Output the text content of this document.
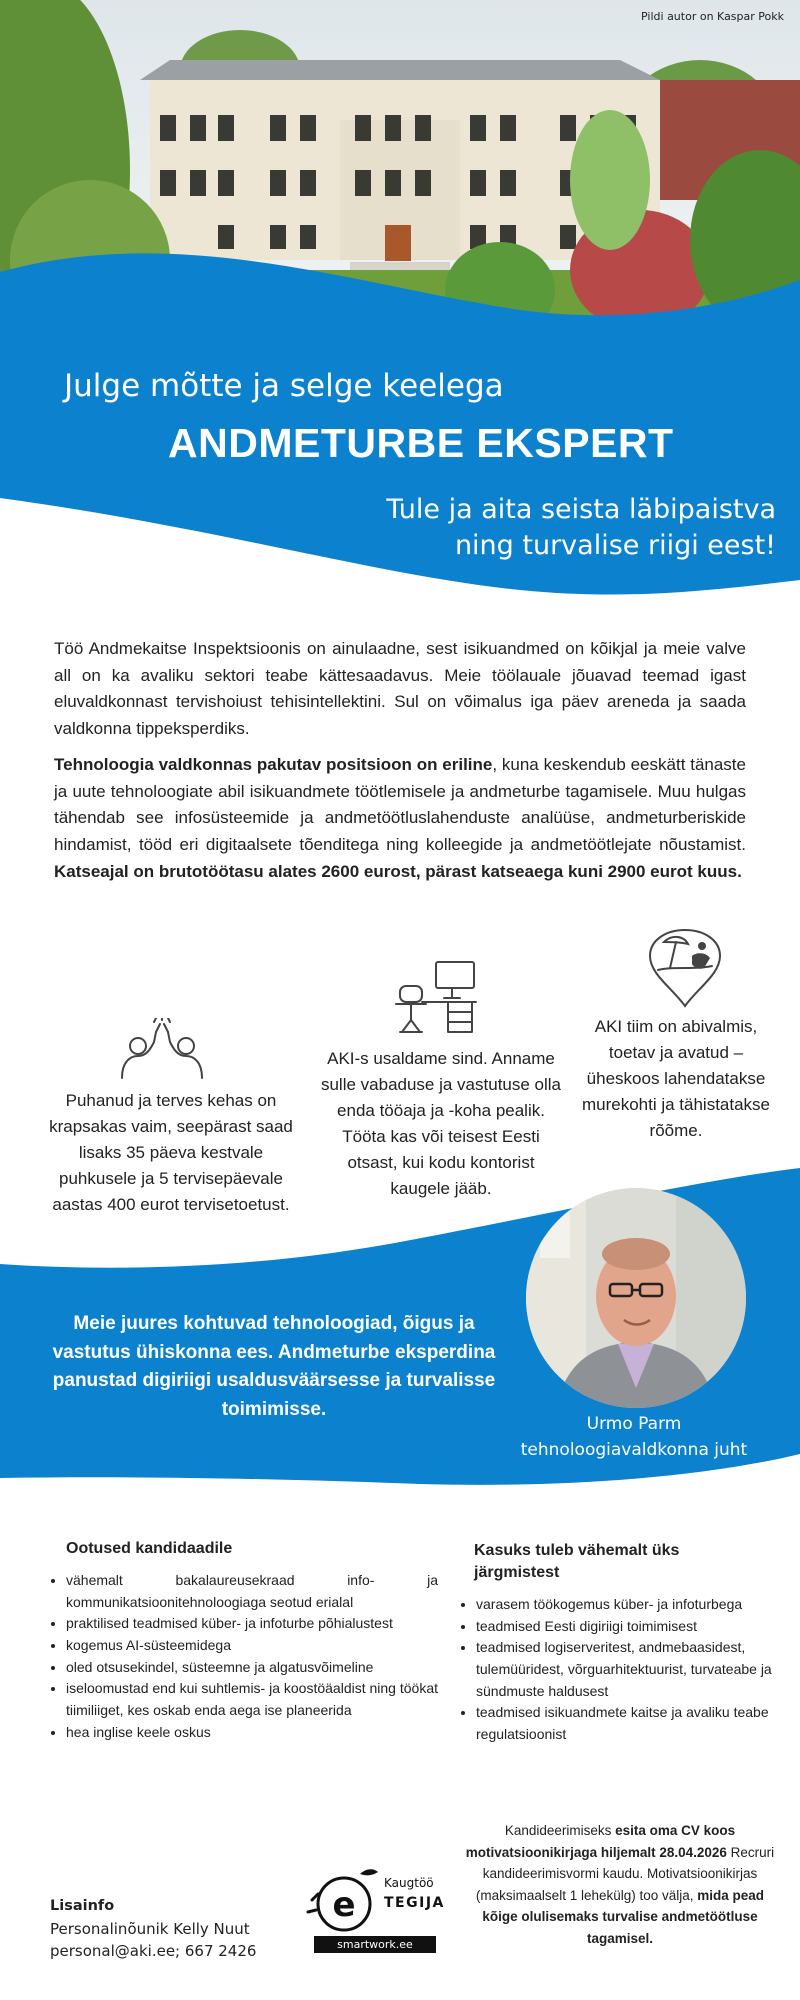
Pildi autor on Kaspar Pokk
Julge mõtte ja selge keelega
ANDMETURBE EKSPERT
Tule ja aita seista läbipaistva
ning turvalise riigi eest!
Töö Andmekaitse Inspektsioonis on ainulaadne, sest isikuandmed on kõikjal ja meie valve all on ka avaliku sektori teabe kättesaadavus. Meie töölauale jõuavad teemad igast eluvaldkonnast tervishoiust tehisintellektini. Sul on võimalus iga päev areneda ja saada valdkonna tippeksperdiks.
Tehnoloogia valdkonnas pakutav positsioon on eriline, kuna keskendub eeskätt tänaste ja uute tehnoloogiate abil isikuandmete töötlemisele ja andmeturbe tagamisele. Muu hulgas tähendab see infosüsteemide ja andmetöötluslahenduste analüüse, andmeturberiskide hindamist, tööd eri digitaalsete tõenditega ning kolleegide ja andmetöötlejate nõustamist. Katseajal on brutotöötasu alates 2600 eurost, pärast katseaega kuni 2900 eurot kuus.
Puhanud ja terves kehas on krapsakas vaim, seepärast saad lisaks 35 päeva kestvale puhkusele ja 5 tervisepäevale aastas 400 eurot tervisetoetust.
AKI-s usaldame sind. Anname sulle vabaduse ja vastutuse olla enda tööaja ja -koha pealik. Tööta kas või teisest Eesti otsast, kui kodu kontorist kaugele jääb.
AKI tiim on abivalmis, toetav ja avatud – üheskoos lahendatakse murekohti ja tähistatakse rõõme.
Meie juures kohtuvad tehnoloogiad, õigus ja vastutus ühiskonna ees. Andmeturbe eksperdina panustad digiriigi usaldusväärsesse ja turvalisse toimimisse.
Urmo Parm
tehnoloogiavaldkonna juht
Ootused kandidaadile
• vähemalt bakalaureusekraad info- ja kommunikatsioonitehnoloogiaga seotud erialal
• praktilised teadmised küber- ja infoturbe põhialustest
• kogemus AI-süsteemidega
• oled otsusekindel, süsteemne ja algatusvõimeline
• iseloomustad end kui suhtlemis- ja koostöäaldist ning töökat tiimiliiget, kes oskab enda aega ise planeerida
• hea inglise keele oskus
Kasuks tuleb vähemalt üks järgmistest
• varasem töökogemus küber- ja infoturbega
• teadmised Eesti digiriigi toimimisest
• teadmised logiserveritest, andmebaasidest, tulemüüridest, võrguarhitektuurist, turvateabe ja sündmuste haldusest
• teadmised isikuandmete kaitse ja avaliku teabe regulatsioonist
Kandideerimiseks esita oma CV koos motivatsioonikirjaga hiljemalt 28.04.2026 Recruri kandideerimisvormi kaudu. Motivatsioonikirjas (maksimaalselt 1 lehekülg) too välja, mida pead kõige olulisemaks turvalise andmetöötluse tagamisel.
Lisainfo
Personalinõunik Kelly Nuut
personal@aki.ee; 667 2426
e
Kaugtöö
TEGIJA
smartwork.ee
